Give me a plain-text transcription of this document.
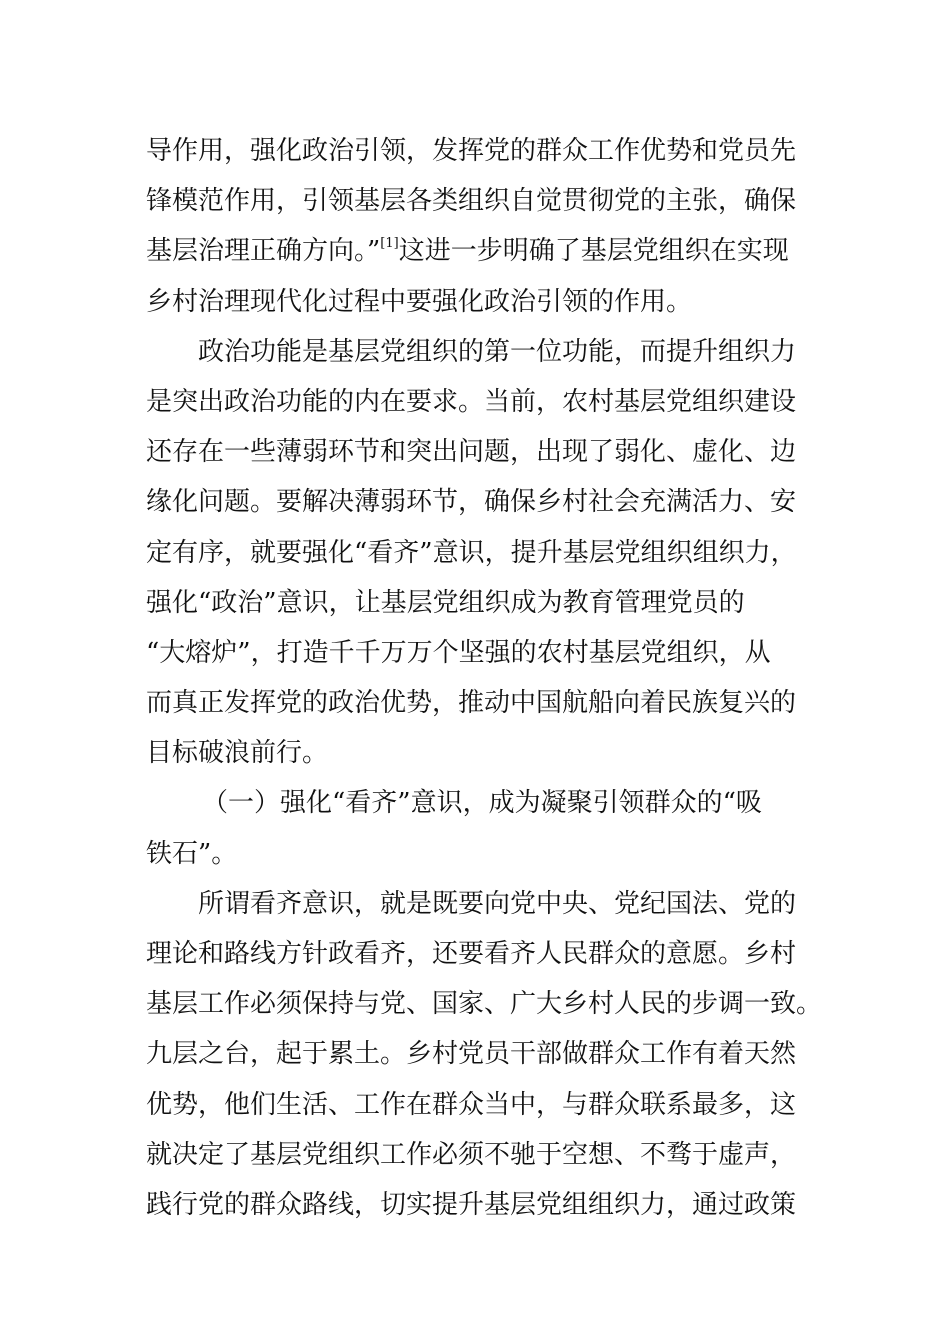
导作用，强化政治引领，发挥党的群众工作优势和党员先
锋模范作用，引领基层各类组织自觉贯彻党的主张，确保
基层治理正确方向。”[1]这进一步明确了基层党组织在实现
乡村治理现代化过程中要强化政治引领的作用。
政治功能是基层党组织的第一位功能，而提升组织力
是突出政治功能的内在要求。当前，农村基层党组织建设
还存在一些薄弱环节和突出问题，出现了弱化、虚化、边
缘化问题。要解决薄弱环节，确保乡村社会充满活力、安
定有序，就要强化“看齐”意识，提升基层党组织组织力，
强化“政治”意识，让基层党组织成为教育管理党员的
“大熔炉”，打造千千万万个坚强的农村基层党组织，从
而真正发挥党的政治优势，推动中国航船向着民族复兴的
目标破浪前行。
（一）强化“看齐”意识，成为凝聚引领群众的“吸
铁石”。
所谓看齐意识，就是既要向党中央、党纪国法、党的
理论和路线方针政看齐，还要看齐人民群众的意愿。乡村
基层工作必须保持与党、国家、广大乡村人民的步调一致。
九层之台，起于累土。乡村党员干部做群众工作有着天然
优势，他们生活、工作在群众当中，与群众联系最多，这
就决定了基层党组织工作必须不驰于空想、不骛于虚声，
践行党的群众路线，切实提升基层党组组织力，通过政策
